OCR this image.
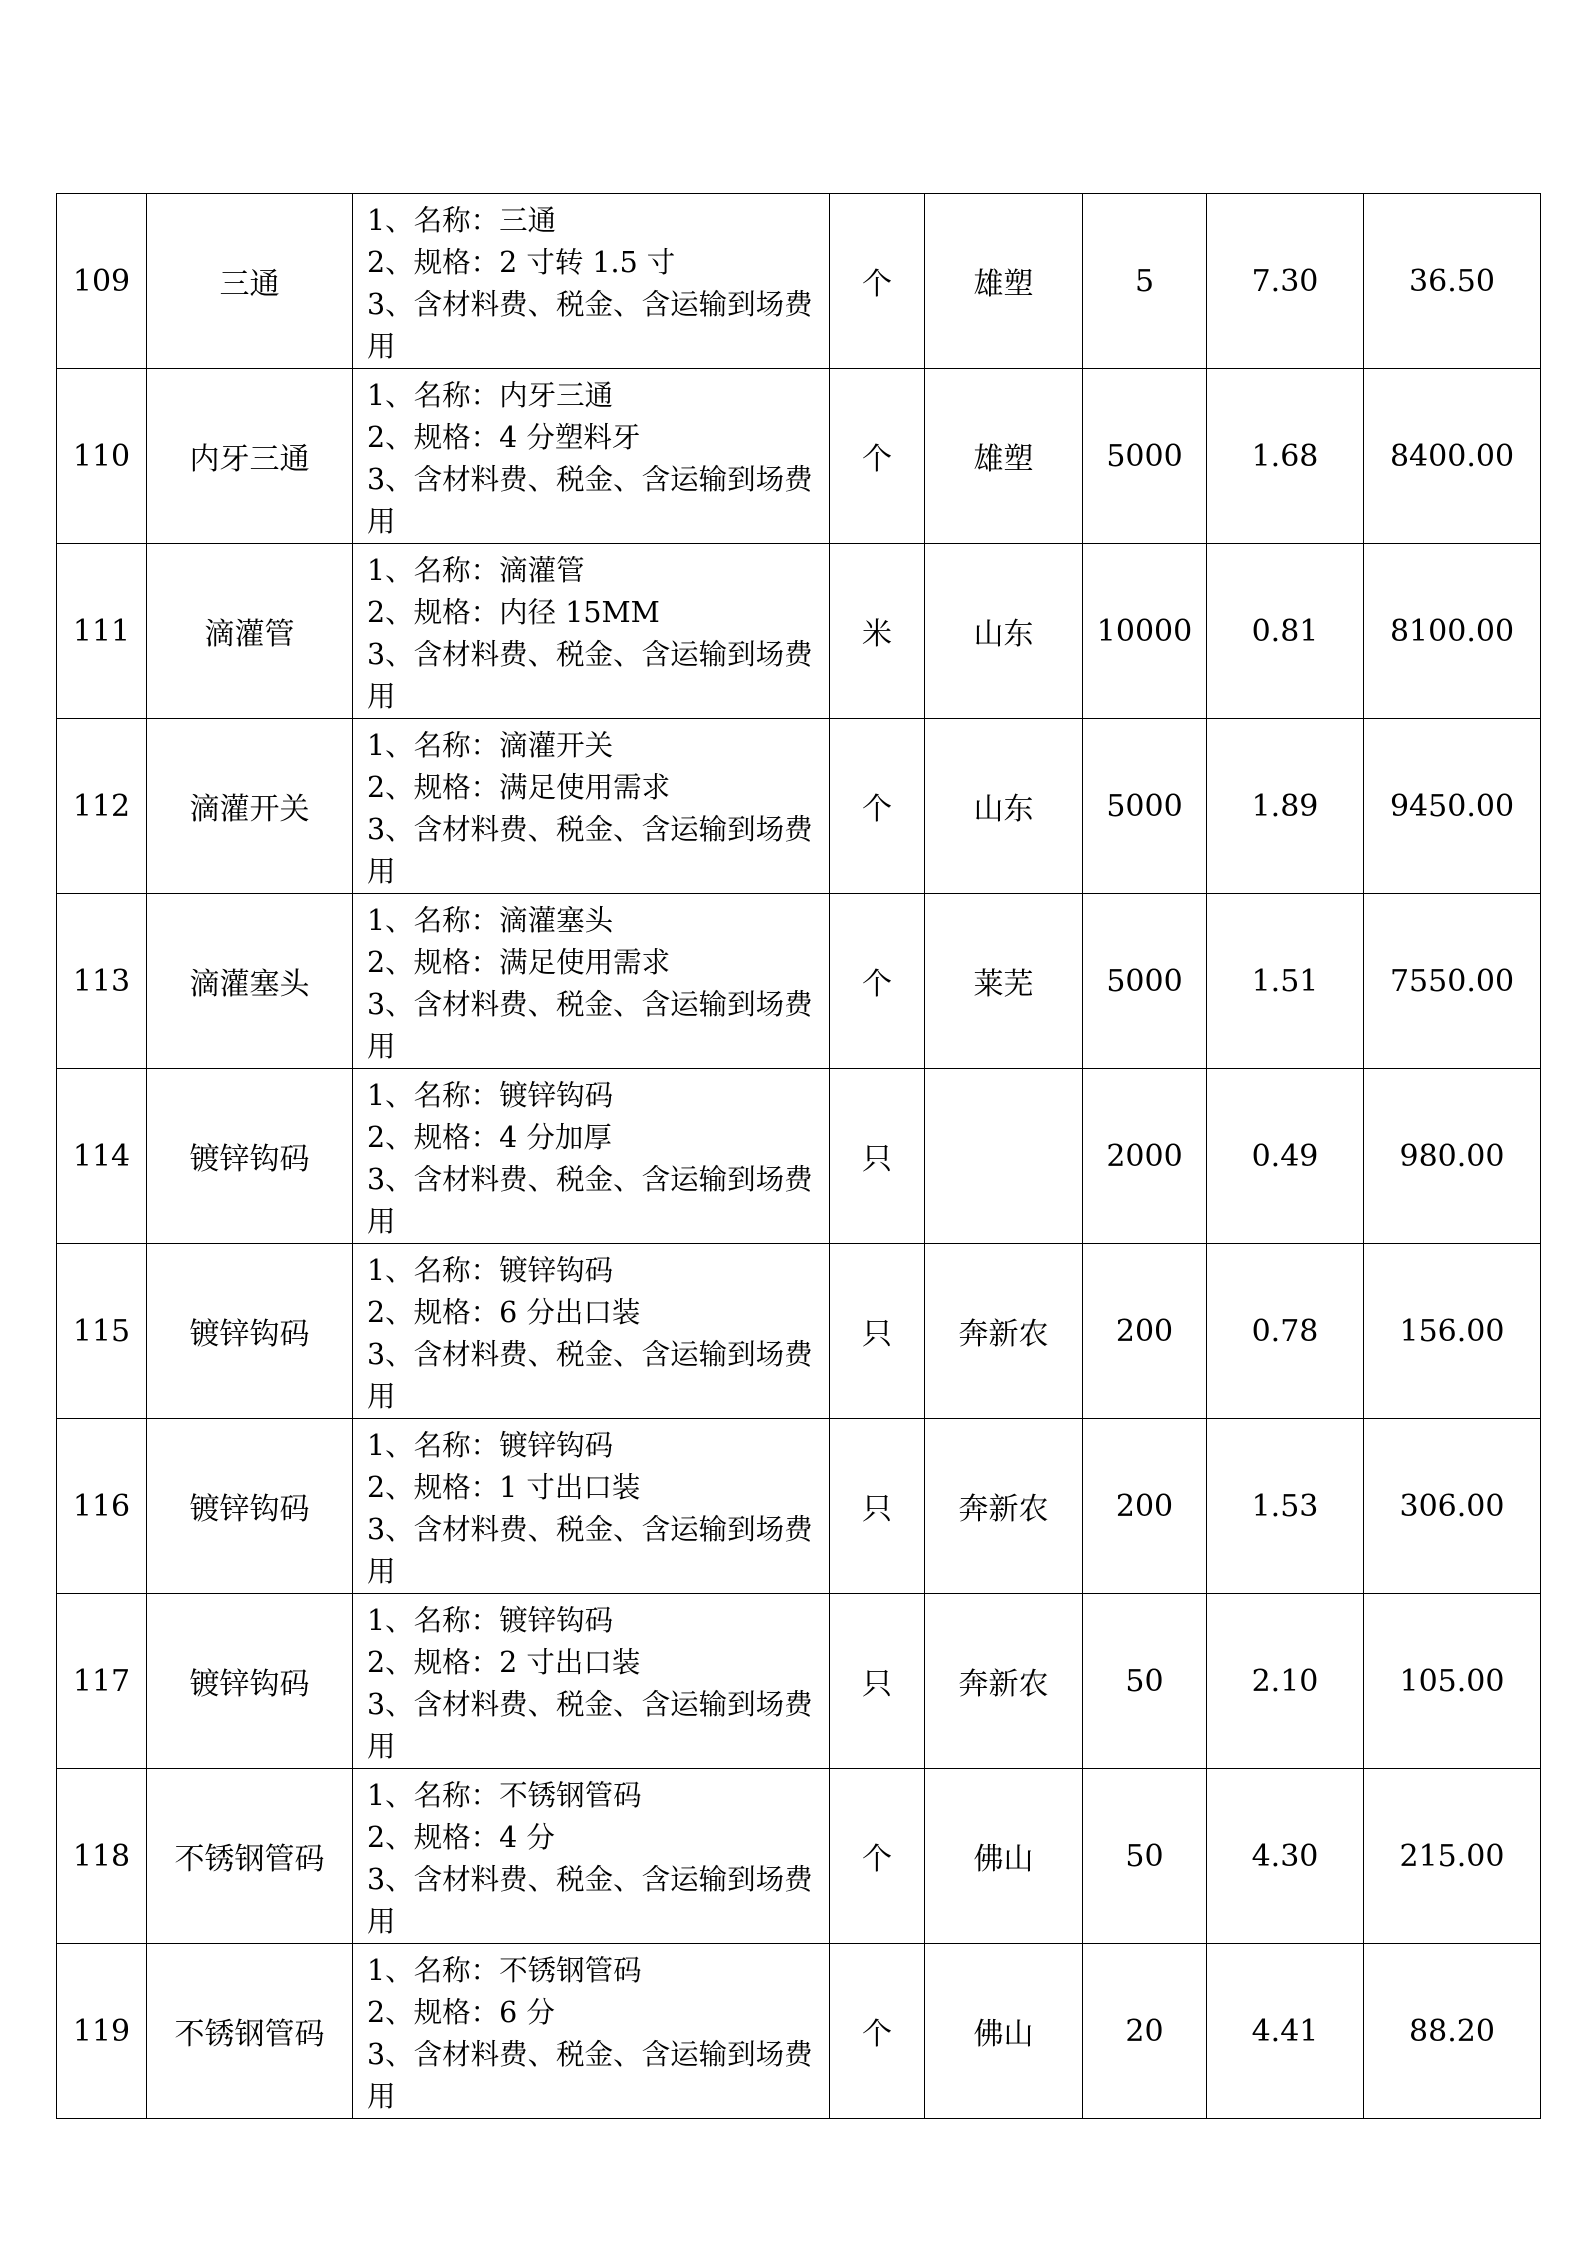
109	三通	1、名称：三通
2、规格：2 寸转 1.5 寸
3、含材料费、税金、含运输到场费
用	个	雄塑	5	7.30	36.50
110	内牙三通	1、名称：内牙三通
2、规格：4 分塑料牙
3、含材料费、税金、含运输到场费
用	个	雄塑	5000	1.68	8400.00
111	滴灌管	1、名称：滴灌管
2、规格：内径 15MM
3、含材料费、税金、含运输到场费
用	米	山东	10000	0.81	8100.00
112	滴灌开关	1、名称：滴灌开关
2、规格：满足使用需求
3、含材料费、税金、含运输到场费
用	个	山东	5000	1.89	9450.00
113	滴灌塞头	1、名称：滴灌塞头
2、规格：满足使用需求
3、含材料费、税金、含运输到场费
用	个	莱芜	5000	1.51	7550.00
114	镀锌钩码	1、名称：镀锌钩码
2、规格：4 分加厚
3、含材料费、税金、含运输到场费
用	只		2000	0.49	980.00
115	镀锌钩码	1、名称：镀锌钩码
2、规格：6 分出口装
3、含材料费、税金、含运输到场费
用	只	奔新农	200	0.78	156.00
116	镀锌钩码	1、名称：镀锌钩码
2、规格：1 寸出口装
3、含材料费、税金、含运输到场费
用	只	奔新农	200	1.53	306.00
117	镀锌钩码	1、名称：镀锌钩码
2、规格：2 寸出口装
3、含材料费、税金、含运输到场费
用	只	奔新农	50	2.10	105.00
118	不锈钢管码	1、名称：不锈钢管码
2、规格：4 分
3、含材料费、税金、含运输到场费
用	个	佛山	50	4.30	215.00
119	不锈钢管码	1、名称：不锈钢管码
2、规格：6 分
3、含材料费、税金、含运输到场费
用	个	佛山	20	4.41	88.20
